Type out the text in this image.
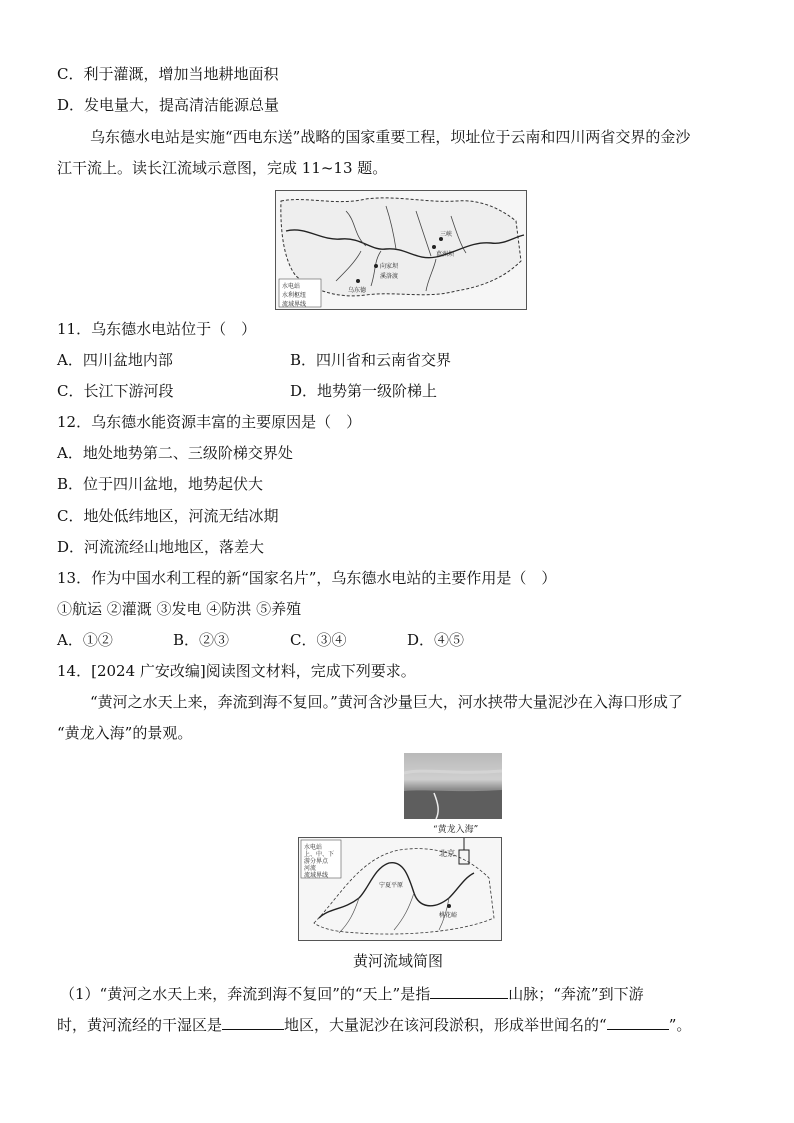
C．利于灌溉，增加当地耕地面积
D．发电量大，提高清洁能源总量
乌东德水电站是实施“西电东送”战略的国家重要工程，坝址位于云南和四川两省交界的金沙
江干流上。读长江流域示意图，完成 11~13 题。
水电站
水利枢纽
流域界线
三峡
葛洲坝
向家坝
溪洛渡
乌东德
11．乌东德水电站位于（　）
A．四川盆地内部	B．四川省和云南省交界
C．长江下游河段	D．地势第一级阶梯上
12．乌东德水能资源丰富的主要原因是（　）
A．地处地势第二、三级阶梯交界处
B．位于四川盆地，地势起伏大
C．地处低纬地区，河流无结冰期
D．河流流经山地地区，落差大
13．作为中国水利工程的新“国家名片”，乌东德水电站的主要作用是（　）
①航运 ②灌溉 ③发电 ④防洪 ⑤养殖
A．①②	B．②③	C．③④	D．④⑤
14．[2024 广安改编]阅读图文材料，完成下列要求。
“黄河之水天上来，奔流到海不复回。”黄河含沙量巨大，河水挟带大量泥沙在入海口形成了
“黄龙入海”的景观。
“黄龙入海”
水电站
上、中、下
游分界点
河流
流域界线
北京
宁夏平原
桃花峪
黄河流域简图
（1）“黄河之水天上来，奔流到海不复回”的“天上”是指	山脉；“奔流”到下游
时，黄河流经的干湿区是	地区，大量泥沙在该河段淤积，形成举世闻名的“	”。
